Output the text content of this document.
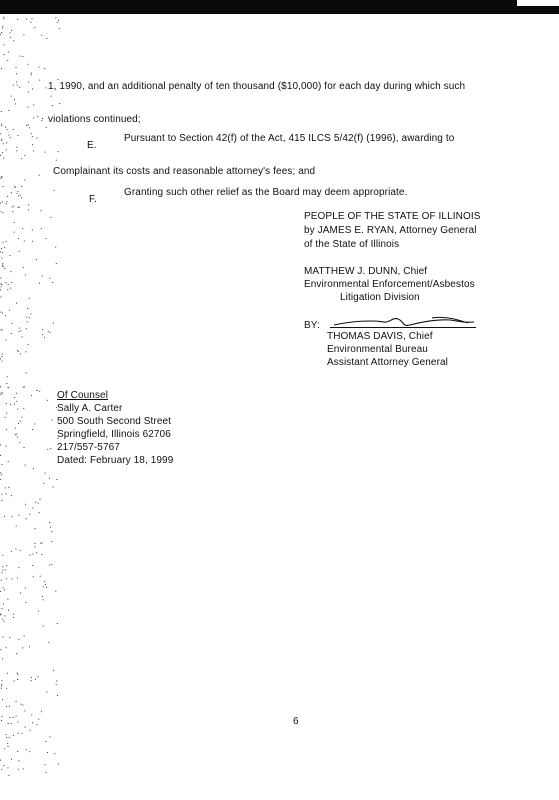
1, 1990, and an additional penalty of ten thousand ($10,000) for each day during which such
violations continued;
E.
Pursuant to Section 42(f) of the Act, 415 ILCS 5/42(f) (1996), awarding to
Complainant its costs and reasonable attorney's fees; and
F.
Granting such other relief as the Board may deem appropriate.
PEOPLE OF THE STATE OF ILLINOIS
by JAMES E. RYAN, Attorney General
of the State of Illinois
MATTHEW J. DUNN, Chief
Environmental Enforcement/Asbestos
Litigation Division
BY:
THOMAS DAVIS, Chief
Environmental Bureau
Assistant Attorney General
Of Counsel
Sally A. Carter
500 South Second Street
Springfield, Illinois 62706
217/557-5767
Dated: February 18, 1999
6
